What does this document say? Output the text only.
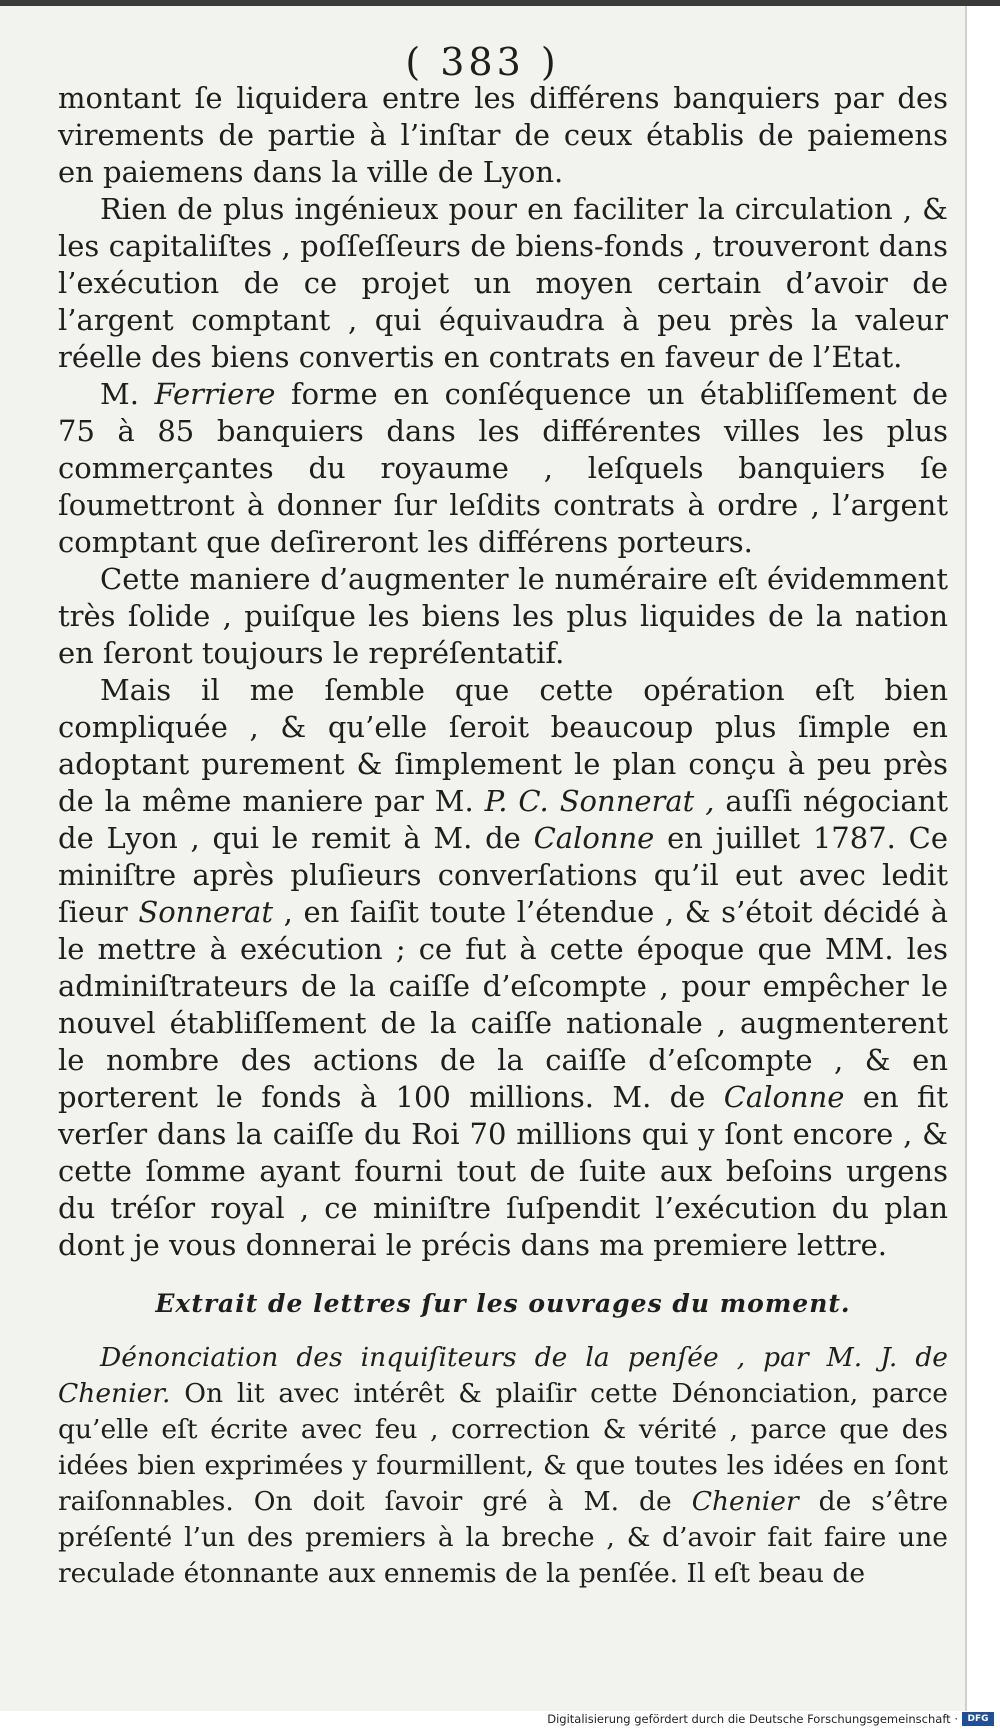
( 383 )

montant ſe liquidera entre les différens banquiers par des virements de partie à l’inſtar de ceux établis de paiemens en paiemens dans la ville de Lyon.

Rien de plus ingénieux pour en faciliter la circulation , & les capitaliſtes , poſſeſſeurs de biens-fonds , trouveront dans l’exécution de ce projet un moyen certain d’avoir de l’argent comptant , qui équivaudra à peu près la valeur réelle des biens convertis en contrats en faveur de l’Etat.

M. Ferriere forme en conſéquence un établiſſement de 75 à 85 banquiers dans les différentes villes les plus commerçantes du royaume , leſquels banquiers ſe ſoumettront à donner ſur leſdits contrats à ordre , l’argent comptant que deſireront les différens porteurs.

Cette maniere d’augmenter le numéraire eſt évidemment très ſolide , puiſque les biens les plus liquides de la nation en ſeront toujours le repréſentatif.

Mais il me ſemble que cette opération eſt bien compliquée , & qu’elle ſeroit beaucoup plus ſimple en adoptant purement & ſimplement le plan conçu à peu près de la même maniere par M. P. C. Sonnerat , auſſi négociant de Lyon , qui le remit à M. de Calonne en juillet 1787. Ce miniſtre après pluſieurs converſations qu’il eut avec ledit ſieur Sonnerat , en ſaiſit toute l’étendue , & s’étoit décidé à le mettre à exécution ; ce fut à cette époque que MM. les adminiſtrateurs de la caiſſe d’eſcompte , pour empêcher le nouvel établiſſement de la caiſſe nationale , augmenterent le nombre des actions de la caiſſe d’eſcompte , & en porterent le fonds à 100 millions. M. de Calonne en fit verſer dans la caiſſe du Roi 70 millions qui y ſont encore , & cette ſomme ayant fourni tout de ſuite aux beſoins urgens du tréſor royal , ce miniſtre ſuſpendit l’exécution du plan dont je vous donnerai le précis dans ma premiere lettre.

Extrait de lettres ſur les ouvrages du moment.

Dénonciation des inquiſiteurs de la penſée , par M. J. de Chenier. On lit avec intérêt & plaiſir cette Dénonciation, parce qu’elle eſt écrite avec feu , correction & vérité , parce que des idées bien exprimées y fourmillent, & que toutes les idées en ſont raiſonnables. On doit ſavoir gré à M. de Chenier de s’être préſenté l’un des premiers à la breche , & d’avoir fait faire une reculade étonnante aux ennemis de la penſée. Il eſt beau de

Digitalisierung gefördert durch die Deutsche Forschungsgemeinschaft ·	DFG
